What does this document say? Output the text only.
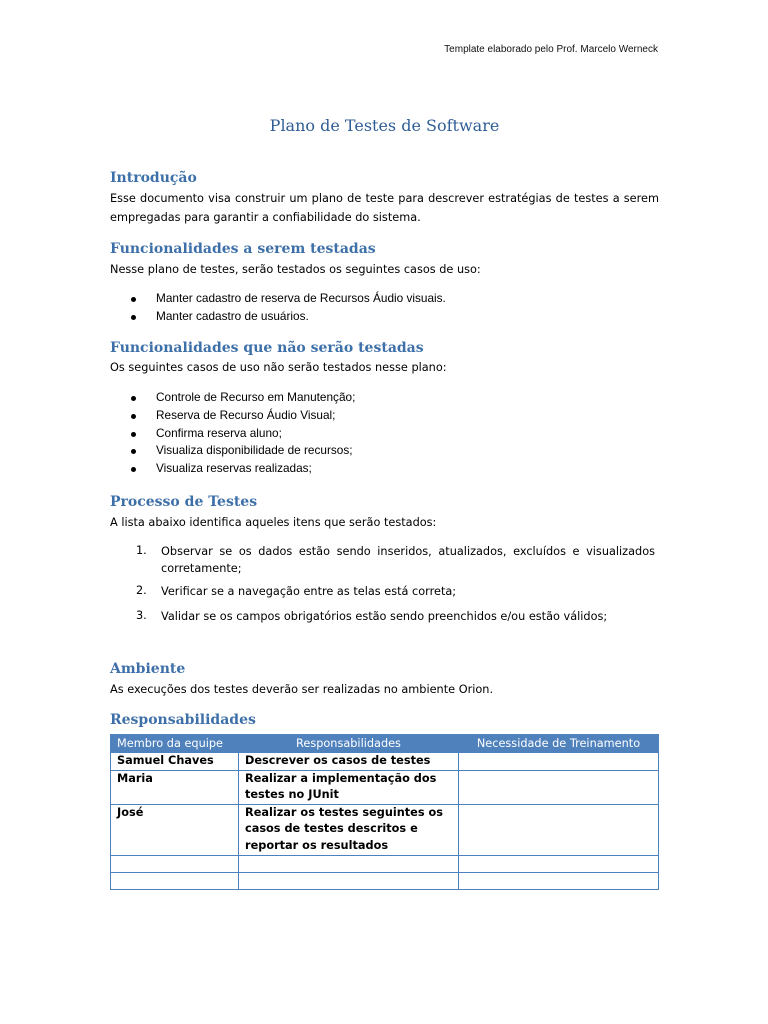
Template elaborado pelo Prof. Marcelo Werneck
Plano de Testes de Software
Introdução

Esse documento visa construir um plano de teste para descrever estratégias de testes a serem empregadas para garantir a confiabilidade do sistema.

Funcionalidades a serem testadas

Nesse plano de testes, serão testados os seguintes casos de uso:

Manter cadastro de reserva de Recursos Áudio visuais.
Manter cadastro de usuários.
Funcionalidades que não serão testadas

Os seguintes casos de uso não serão testados nesse plano:

Controle de Recurso em Manutenção;
Reserva de Recurso Áudio Visual;
Confirma reserva aluno;
Visualiza disponibilidade de recursos;
Visualiza reservas realizadas;
Processo de Testes

A lista abaixo identifica aqueles itens que serão testados:

1. Observar se os dados estão sendo inseridos, atualizados, excluídos e visualizados corretamente;
2. Verificar se a navegação entre as telas está correta;
3. Validar se os campos obrigatórios estão sendo preenchidos e/ou estão válidos;
Ambiente

As execuções dos testes deverão ser realizadas no ambiente Orion.

Responsabilidades
Membro da equipe	Responsabilidades	Necessidade de Treinamento
Samuel Chaves	Descrever os casos de testes	
Maria	Realizar a implementação dos testes no JUnit	
José	Realizar os testes seguintes os casos de testes descritos e reportar os resultados	
